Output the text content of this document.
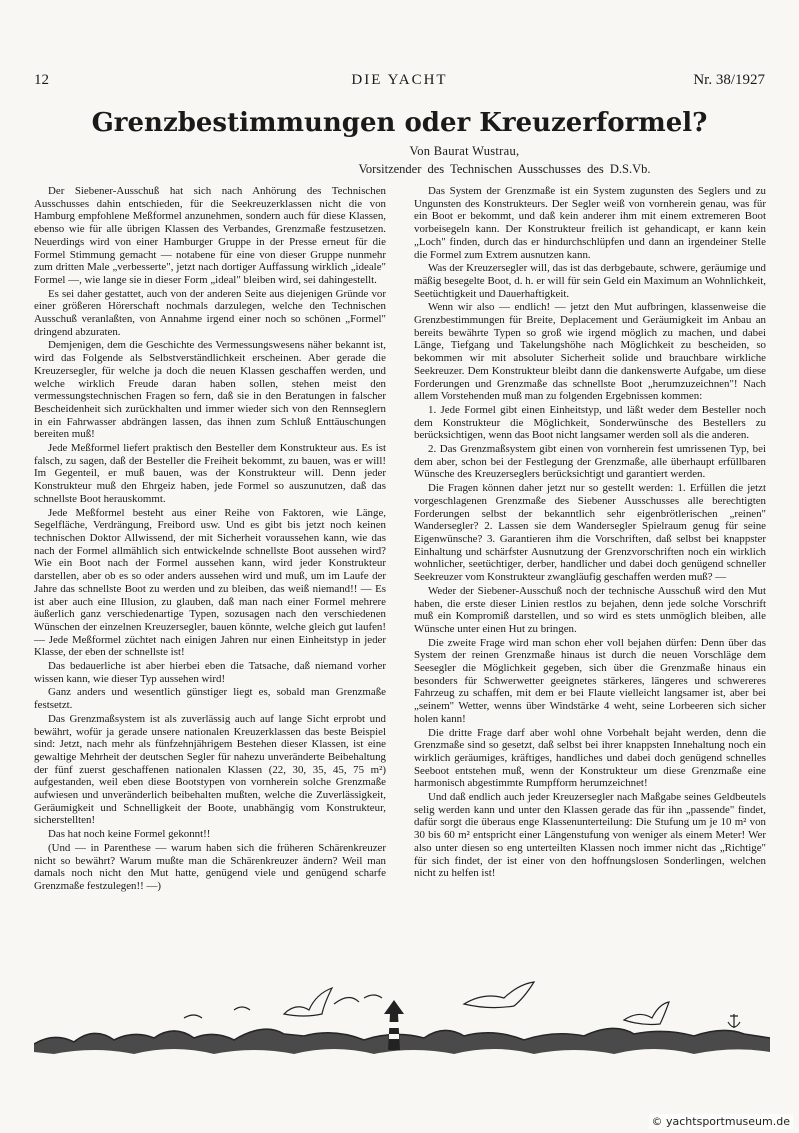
12	DIE YACHT	Nr. 38/1927
Grenzbestimmungen oder Kreuzerformel?
Von Baurat Wustrau,
Vorsitzender des Technischen Ausschusses des D.S.Vb.

Der Siebener-Ausschuß hat sich nach Anhörung des Technischen Ausschusses dahin entschieden, für die Seekreuzerklassen nicht die von Hamburg empfohlene Meßformel anzunehmen, sondern auch für diese Klassen, ebenso wie für alle übrigen Klassen des Verbandes, Grenzmaße festzusetzen. Neuerdings wird von einer Hamburger Gruppe in der Presse erneut für die Formel Stimmung gemacht — notabene für eine von dieser Gruppe nunmehr zum dritten Male „verbesserte", jetzt nach dortiger Auffassung wirklich „ideale" Formel —, wie lange sie in dieser Form „ideal" bleiben wird, sei dahingestellt.

Es sei daher gestattet, auch von der anderen Seite aus diejenigen Gründe vor einer größeren Hörerschaft nochmals darzulegen, welche den Technischen Ausschuß veranlaßten, von Annahme irgend einer noch so schönen „Formel" dringend abzuraten.

Demjenigen, dem die Geschichte des Vermessungswesens näher bekannt ist, wird das Folgende als Selbstverständlichkeit erscheinen. Aber gerade die Kreuzersegler, für welche ja doch die neuen Klassen geschaffen werden, und welche wirklich Freude daran haben sollen, stehen meist den vermessungstechnischen Fragen so fern, daß sie in den Beratungen in falscher Bescheidenheit sich zurückhalten und immer wieder sich von den Rennseglern in ein Fahrwasser abdrängen lassen, das ihnen zum Schluß Enttäuschungen bereiten muß!

Jede Meßformel liefert praktisch den Besteller dem Konstrukteur aus. Es ist falsch, zu sagen, daß der Besteller die Freiheit bekommt, zu bauen, was er will! Im Gegenteil, er muß bauen, was der Konstrukteur will. Denn jeder Konstrukteur muß den Ehrgeiz haben, jede Formel so auszunutzen, daß das schnellste Boot herauskommt.

Jede Meßformel besteht aus einer Reihe von Faktoren, wie Länge, Segelfläche, Verdrängung, Freibord usw. Und es gibt bis jetzt noch keinen technischen Doktor Allwissend, der mit Sicherheit voraussehen kann, wie das nach der Formel allmählich sich entwickelnde schnellste Boot aussehen wird? Wie ein Boot nach der Formel aussehen kann, wird jeder Konstrukteur darstellen, aber ob es so oder anders aussehen wird und muß, um im Laufe der Jahre das schnellste Boot zu werden und zu bleiben, das weiß niemand!! — Es ist aber auch eine Illusion, zu glauben, daß man nach einer Formel mehrere äußerlich ganz verschiedenartige Typen, sozusagen nach den verschiedenen Wünschen der einzelnen Kreuzersegler, bauen könnte, welche gleich gut laufen! — Jede Meßformel züchtet nach einigen Jahren nur einen Einheitstyp in jeder Klasse, der eben der schnellste ist!

Das bedauerliche ist aber hierbei eben die Tatsache, daß niemand vorher wissen kann, wie dieser Typ aussehen wird!

Ganz anders und wesentlich günstiger liegt es, sobald man Grenzmaße festsetzt.

Das Grenzmaßsystem ist als zuverlässig auch auf lange Sicht erprobt und bewährt, wofür ja gerade unsere nationalen Kreuzerklassen das beste Beispiel sind: Jetzt, nach mehr als fünfzehnjährigem Bestehen dieser Klassen, ist eine gewaltige Mehrheit der deutschen Segler für nahezu unveränderte Beibehaltung der fünf zuerst geschaffenen nationalen Klassen (22, 30, 35, 45, 75 m²) aufgestanden, weil eben diese Bootstypen von vornherein solche Grenzmaße aufwiesen und unveränderlich beibehalten mußten, welche die Zuverlässigkeit, Geräumigkeit und Schnelligkeit der Boote, unabhängig vom Konstrukteur, sicherstellten!

Das hat noch keine Formel gekonnt!!

(Und — in Parenthese — warum haben sich die früheren Schärenkreuzer nicht so bewährt? Warum mußte man die Schärenkreuzer ändern? Weil man damals noch nicht den Mut hatte, genügend viele und genügend scharfe Grenzmaße festzulegen!! —)

Das System der Grenzmaße ist ein System zugunsten des Seglers und zu Ungunsten des Konstrukteurs. Der Segler weiß von vornherein genau, was für ein Boot er bekommt, und daß kein anderer ihm mit einem extremeren Boot vorbeisegeln kann. Der Konstrukteur freilich ist gehandicapt, er kann kein „Loch" finden, durch das er hindurchschlüpfen und dann an irgendeiner Stelle die Formel zum Extrem ausnutzen kann.

Was der Kreuzersegler will, das ist das derbgebaute, schwere, geräumige und mäßig besegelte Boot, d. h. er will für sein Geld ein Maximum an Wohnlichkeit, Seetüchtigkeit und Dauerhaftigkeit.

Wenn wir also — endlich! — jetzt den Mut aufbringen, klassenweise die Grenzbestimmungen für Breite, Deplacement und Geräumigkeit im Anbau an bereits bewährte Typen so groß wie irgend möglich zu machen, und dabei Länge, Tiefgang und Takelungshöhe nach Möglichkeit zu bescheiden, so bekommen wir mit absoluter Sicherheit solide und brauchbare wirkliche Seekreuzer. Dem Konstrukteur bleibt dann die dankenswerte Aufgabe, um diese Forderungen und Grenzmaße das schnellste Boot „herumzuzeichnen"! Nach allem Vorstehenden muß man zu folgenden Ergebnissen kommen:

1. Jede Formel gibt einen Einheitstyp, und läßt weder dem Besteller noch dem Konstrukteur die Möglichkeit, Sonderwünsche des Bestellers zu berücksichtigen, wenn das Boot nicht langsamer werden soll als die anderen.

2. Das Grenzmaßsystem gibt einen von vornherein fest umrissenen Typ, bei dem aber, schon bei der Festlegung der Grenzmaße, alle überhaupt erfüllbaren Wünsche des Kreuzerseglers berücksichtigt und garantiert werden.

Die Fragen können daher jetzt nur so gestellt werden: 1. Erfüllen die jetzt vorgeschlagenen Grenzmaße des Siebener Ausschusses alle berechtigten Forderungen selbst der bekanntlich sehr eigenbrötlerischen „reinen" Wandersegler? 2. Lassen sie dem Wandersegler Spielraum genug für seine Eigenwünsche? 3. Garantieren ihm die Vorschriften, daß selbst bei knappster Einhaltung und schärfster Ausnutzung der Grenzvorschriften noch ein wirklich wohnlicher, seetüchtiger, derber, handlicher und dabei doch genügend schneller Seekreuzer vom Konstrukteur zwangläufig geschaffen werden muß? —

Weder der Siebener-Ausschuß noch der technische Ausschuß wird den Mut haben, die erste dieser Linien restlos zu bejahen, denn jede solche Vorschrift muß ein Kompromiß darstellen, und so wird es stets unmöglich bleiben, alle Wünsche unter einen Hut zu bringen.

Die zweite Frage wird man schon eher voll bejahen dürfen: Denn über das System der reinen Grenzmaße hinaus ist durch die neuen Vorschläge dem Seesegler die Möglichkeit gegeben, sich über die Grenzmaße hinaus ein besonders für Schwerwetter geeignetes stärkeres, längeres und schwereres Fahrzeug zu schaffen, mit dem er bei Flaute vielleicht langsamer ist, aber bei „seinem" Wetter, wenns über Windstärke 4 weht, seine Lorbeeren sich sicher holen kann!

Die dritte Frage darf aber wohl ohne Vorbehalt bejaht werden, denn die Grenzmaße sind so gesetzt, daß selbst bei ihrer knappsten Innehaltung noch ein wirklich geräumiges, kräftiges, handliches und dabei doch genügend schnelles Seeboot entstehen muß, wenn der Konstrukteur um diese Grenzmaße eine harmonisch abgestimmte Rumpfform herumzeichnet!

Und daß endlich auch jeder Kreuzersegler nach Maßgabe seines Geldbeutels selig werden kann und unter den Klassen gerade das für ihn „passende" findet, dafür sorgt die überaus enge Klassenunterteilung: Die Stufung um je 10 m² von 30 bis 60 m² entspricht einer Längenstufung von weniger als einem Meter! Wer also unter diesen so eng unterteilten Klassen noch immer nicht das „Richtige" für sich findet, der ist einer von den hoffnungslosen Sonderlingen, welchen nicht zu helfen ist!

© yachtsportmuseum.de
